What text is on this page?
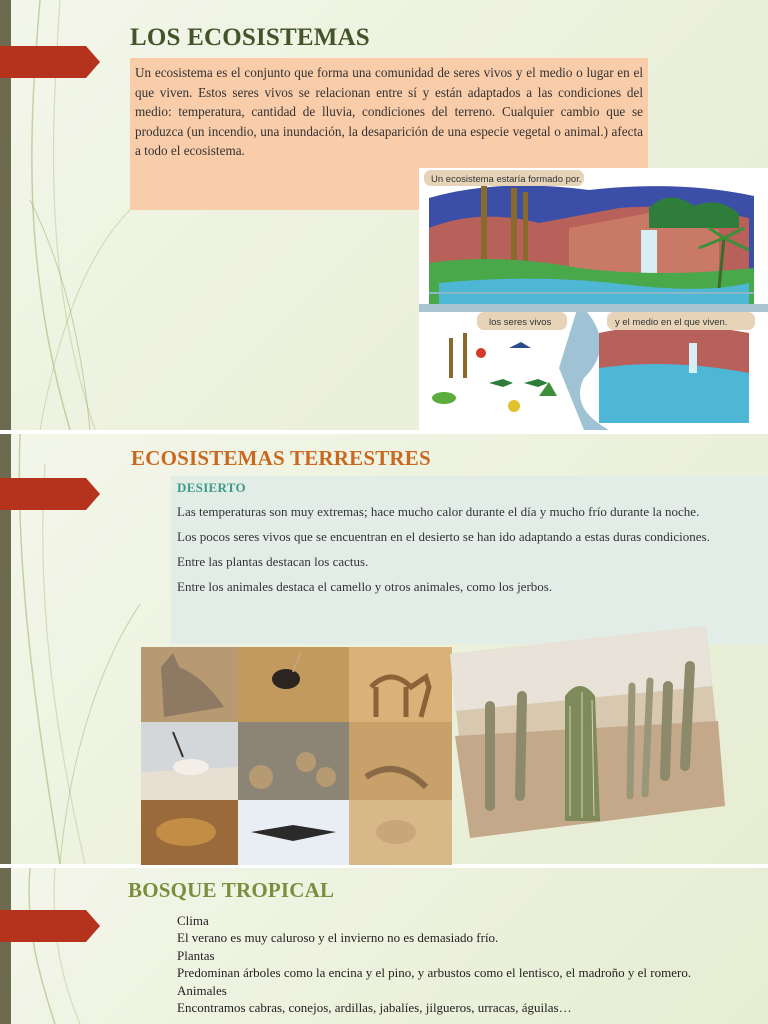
LOS ECOSISTEMAS

Un ecosistema es el conjunto que forma una comunidad de seres vivos y el medio o lugar en el que viven. Estos seres vivos se relacionan entre sí y están adaptados a las condiciones del medio: temperatura, cantidad de lluvia, condiciones del terreno. Cualquier cambio que se produzca (un incendio, una inundación, la desaparición de una especie vegetal o animal.) afecta a todo el ecosistema.

Un ecosistema estaría formado por.
los seres vivos	y el medio en el que viven.
ECOSISTEMAS TERRESTRES
DESIERTO

Las temperaturas son muy extremas; hace mucho calor durante el día y mucho frío durante la noche.

Los pocos seres vivos que se encuentran en el desierto se han ido adaptando a estas duras condiciones.

Entre las plantas destacan los cactus.

Entre los animales destaca el camello y otros animales, como los jerbos.

BOSQUE TROPICAL
Clima
El verano es muy caluroso y el invierno no es demasiado frío.
Plantas
Predominan árboles como la encina y el pino, y arbustos como el lentisco, el madroño y el romero.
Animales
Encontramos cabras, conejos, ardillas, jabalíes, jilgueros, urracas, águilas…
